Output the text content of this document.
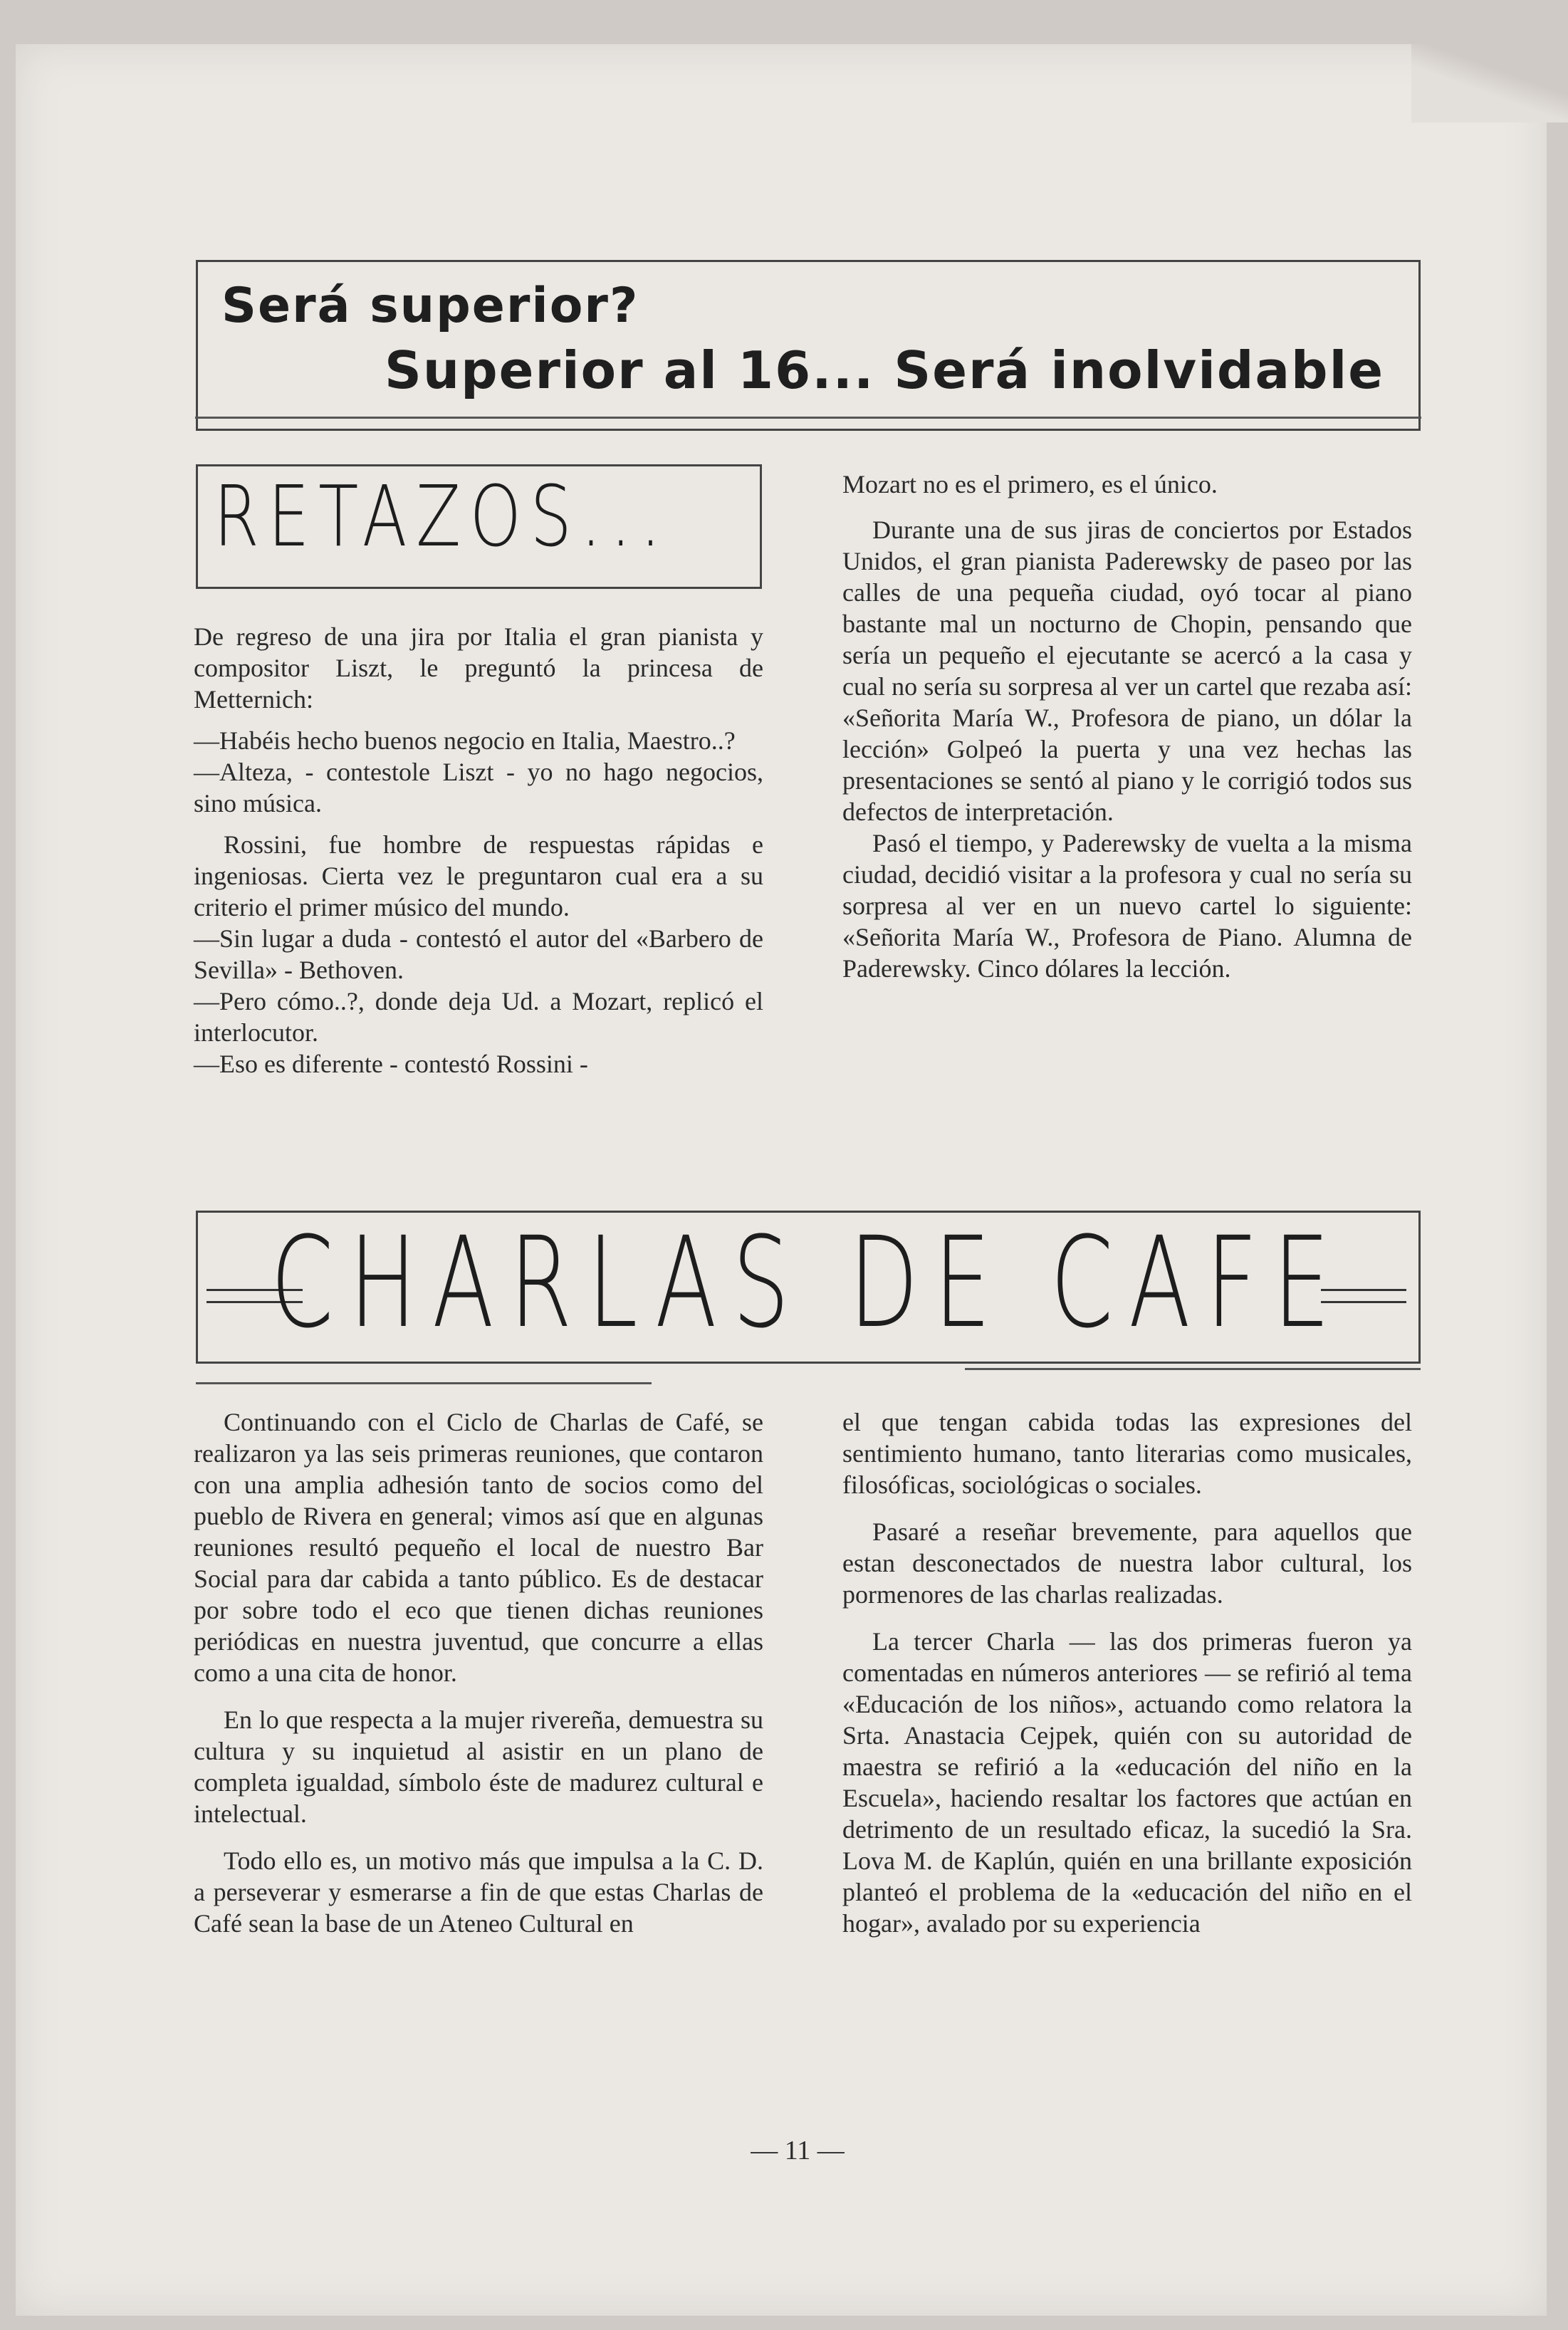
Será superior?
Superior al 16... Será inolvidable
RETAZOS...

De regreso de una jira por Italia el gran pianista y compositor Liszt, le preguntó la princesa de Metternich:

—Habéis hecho buenos negocio en Italia, Maestro..?

—Alteza, - contestole Liszt - yo no hago negocios, sino música.

Rossini, fue hombre de respuestas rápidas e ingeniosas. Cierta vez le preguntaron cual era a su criterio el primer músico del mundo.

—Sin lugar a duda - contestó el autor del «Barbero de Sevilla» - Bethoven.

—Pero cómo..?, donde deja Ud. a Mozart, replicó el interlocutor.

—Eso es diferente - contestó Rossini -

Mozart no es el primero, es el único.

Durante una de sus jiras de conciertos por Estados Unidos, el gran pianista Paderewsky de paseo por las calles de una pequeña ciudad, oyó tocar al piano bastante mal un nocturno de Chopin, pensando que sería un pequeño el ejecutante se acercó a la casa y cual no sería su sorpresa al ver un cartel que rezaba así: «Señorita María W., Profesora de piano, un dólar la lección» Golpeó la puerta y una vez hechas las presentaciones se sentó al piano y le corrigió todos sus defectos de interpretación.

Pasó el tiempo, y Paderewsky de vuelta a la misma ciudad, decidió visitar a la profesora y cual no sería su sorpresa al ver en un nuevo cartel lo siguiente: «Señorita María W., Profesora de Piano. Alumna de Paderewsky. Cinco dólares la lección.

CHARLAS DE CAFE

Continuando con el Ciclo de Charlas de Café, se realizaron ya las seis primeras reuniones, que contaron con una amplia adhesión tanto de socios como del pueblo de Rivera en general; vimos así que en algunas reuniones resultó pequeño el local de nuestro Bar Social para dar cabida a tanto público. Es de destacar por sobre todo el eco que tienen dichas reuniones periódicas en nuestra juventud, que concurre a ellas como a una cita de honor.

En lo que respecta a la mujer rivereña, demuestra su cultura y su inquietud al asistir en un plano de completa igualdad, símbolo éste de madurez cultural e intelectual.

Todo ello es, un motivo más que impulsa a la C. D. a perseverar y esmerarse a fin de que estas Charlas de Café sean la base de un Ateneo Cultural en

el que tengan cabida todas las expresiones del sentimiento humano, tanto literarias como musicales, filosóficas, sociológicas o sociales.

Pasaré a reseñar brevemente, para aquellos que estan desconectados de nuestra labor cultural, los pormenores de las charlas realizadas.

La tercer Charla — las dos primeras fueron ya comentadas en números anteriores — se refirió al tema «Educación de los niños», actuando como relatora la Srta. Anastacia Cejpek, quién con su autoridad de maestra se refirió a la «educación del niño en la Escuela», haciendo resaltar los factores que actúan en detrimento de un resultado eficaz, la sucedió la Sra. Lova M. de Kaplún, quién en una brillante exposición planteó el problema de la «educación del niño en el hogar», avalado por su experiencia

— 11 —
